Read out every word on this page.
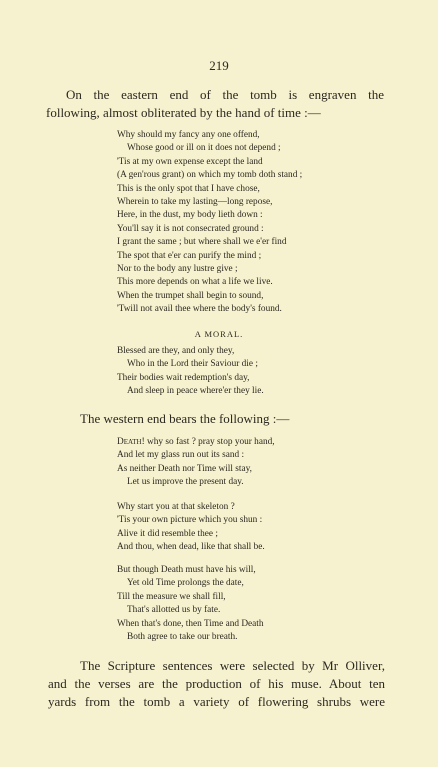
219
On the eastern end of the tomb is engraven the
following, almost obliterated by the hand of time :—
Why should my fancy any one offend,
Whose good or ill on it does not depend ;
'Tis at my own expense except the land
(A gen'rous grant) on which my tomb doth stand ;
This is the only spot that I have chose,
Wherein to take my lasting—long repose,
Here, in the dust, my body lieth down :
You'll say it is not consecrated ground :
I grant the same ; but where shall we e'er find
The spot that e'er can purify the mind ;
Nor to the body any lustre give ;
This more depends on what a life we live.
When the trumpet shall begin to sound,
'Twill not avail thee where the body's found.
A MORAL.
Blessed are they, and only they,
Who in the Lord their Saviour die ;
Their bodies wait redemption's day,
And sleep in peace where'er they lie.
The western end bears the following :—
Death! why so fast ? pray stop your hand,
And let my glass run out its sand :
As neither Death nor Time will stay,
Let us improve the present day.
Why start you at that skeleton ?
'Tis your own picture which you shun :
Alive it did resemble thee ;
And thou, when dead, like that shall be.
But though Death must have his will,
Yet old Time prolongs the date,
Till the measure we shall fill,
That's allotted us by fate.
When that's done, then Time and Death
Both agree to take our breath.
The Scripture sentences were selected by Mr Olliver,
and the verses are the production of his muse. About ten
yards from the tomb a variety of flowering shrubs were
